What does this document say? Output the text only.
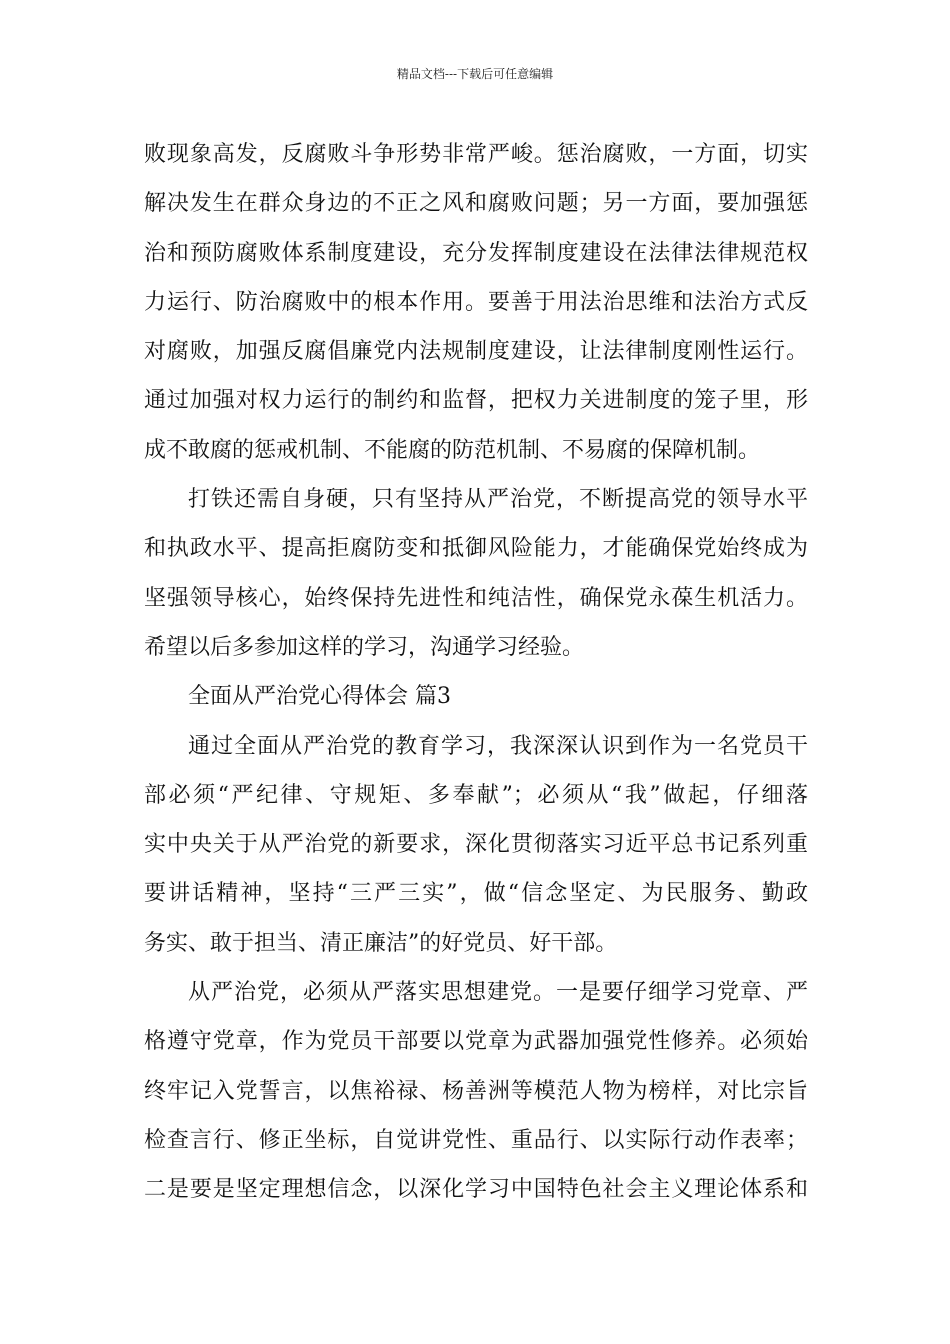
精品文档---下载后可任意编辑
败现象高发，反腐败斗争形势非常严峻。惩治腐败，一方面，切实
解决发生在群众身边的不正之风和腐败问题；另一方面，要加强惩
治和预防腐败体系制度建设，充分发挥制度建设在法律法律规范权
力运行、防治腐败中的根本作用。要善于用法治思维和法治方式反
对腐败，加强反腐倡廉党内法规制度建设，让法律制度刚性运行。
通过加强对权力运行的制约和监督，把权力关进制度的笼子里，形
成不敢腐的惩戒机制、不能腐的防范机制、不易腐的保障机制。
打铁还需自身硬，只有坚持从严治党，不断提高党的领导水平
和执政水平、提高拒腐防变和抵御风险能力，才能确保党始终成为
坚强领导核心，始终保持先进性和纯洁性，确保党永葆生机活力。
希望以后多参加这样的学习，沟通学习经验。
全面从严治党心得体会 篇3
通过全面从严治党的教育学习，我深深认识到作为一名党员干
部必须“严纪律、守规矩、多奉献”；必须从“我”做起，仔细落
实中央关于从严治党的新要求，深化贯彻落实习近平总书记系列重
要讲话精神，坚持“三严三实”，做“信念坚定、为民服务、勤政
务实、敢于担当、清正廉洁”的好党员、好干部。
从严治党，必须从严落实思想建党。一是要仔细学习党章、严
格遵守党章，作为党员干部要以党章为武器加强党性修养。必须始
终牢记入党誓言，以焦裕禄、杨善洲等模范人物为榜样，对比宗旨
检查言行、修正坐标，自觉讲党性、重品行、以实际行动作表率；
二是要是坚定理想信念，以深化学习中国特色社会主义理论体系和
